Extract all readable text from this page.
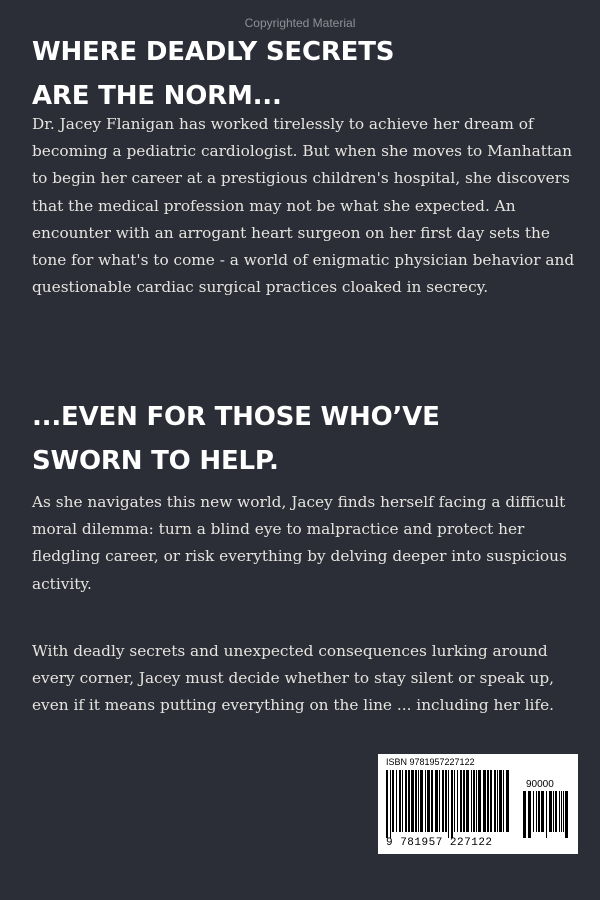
Copyrighted Material
WHERE DEADLY SECRETS
ARE THE NORM...

Dr. Jacey Flanigan has worked tirelessly to achieve her dream of becoming a pediatric cardiologist. But when she moves to Manhattan to begin her career at a prestigious children's hospital, she discovers that the medical profession may not be what she expected. An encounter with an arrogant heart surgeon on her first day sets the tone for what's to come - a world of enigmatic physician behavior and questionable cardiac surgical practices cloaked in secrecy.

...EVEN FOR THOSE WHO’VE
SWORN TO HELP.

As she navigates this new world, Jacey finds herself facing a difficult moral dilemma: turn a blind eye to malpractice and protect her fledgling career, or risk everything by delving deeper into suspicious activity.

With deadly secrets and unexpected consequences lurking around every corner, Jacey must decide whether to stay silent or speak up, even if it means putting everything on the line ... including her life.

ISBN 9781957227122
90000
9 781957 227122
